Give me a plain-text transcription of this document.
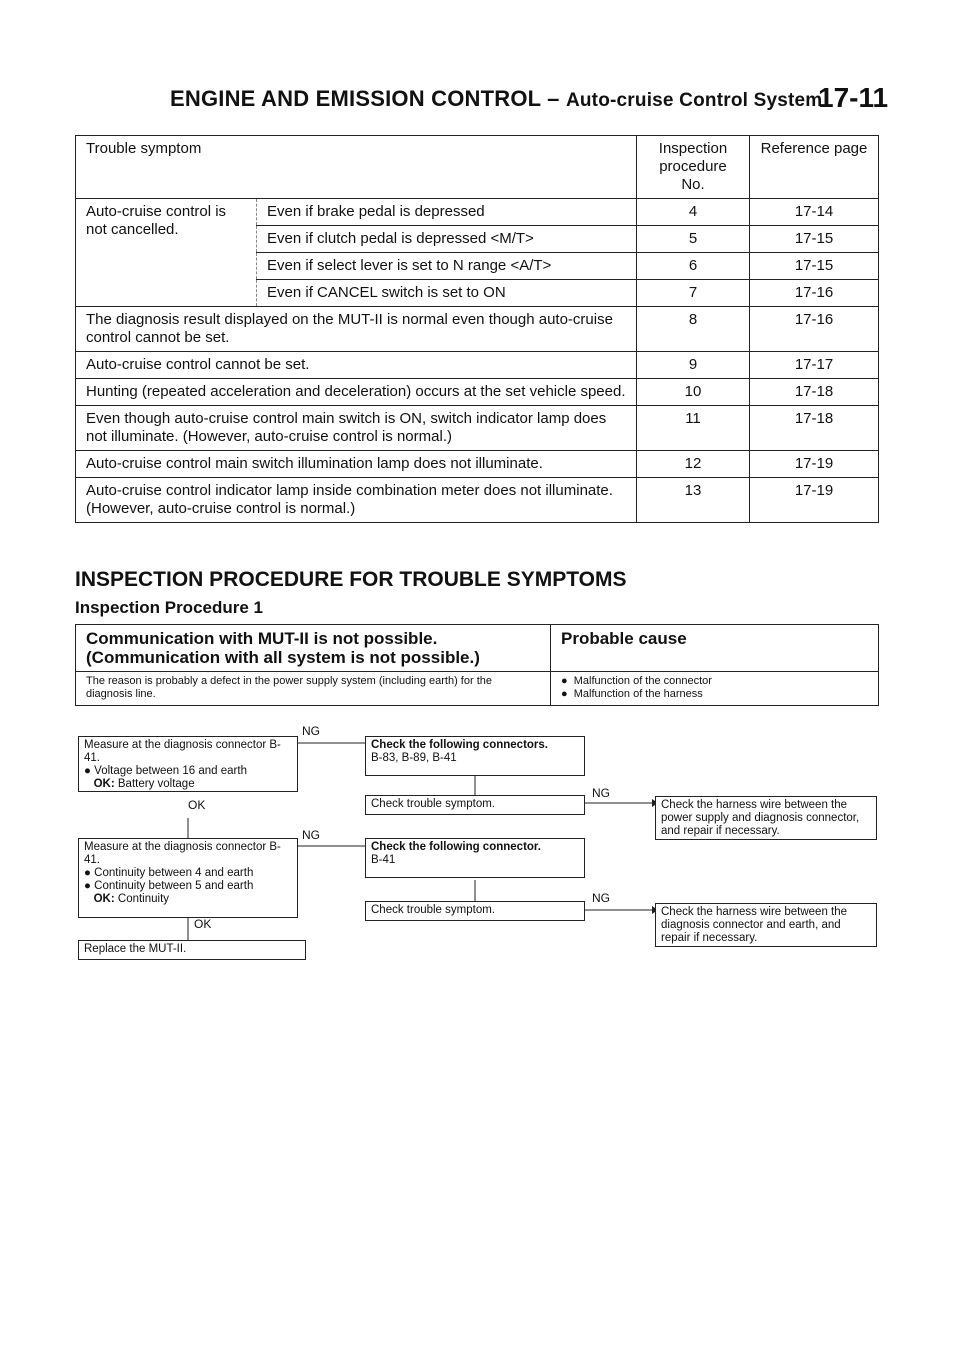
ENGINE AND EMISSION CONTROL – Auto-cruise Control System
17-11
Trouble symptom		Inspection procedure No.	Reference page
Auto-cruise control is not cancelled.	Even if brake pedal is depressed	4	17-14
	Even if clutch pedal is depressed <M/T>	5	17-15
	Even if select lever is set to N range <A/T>	6	17-15
	Even if CANCEL switch is set to ON	7	17-16
The diagnosis result displayed on the MUT-II is normal even though auto-cruise control cannot be set.		8	17-16
Auto-cruise control cannot be set.		9	17-17
Hunting (repeated acceleration and deceleration) occurs at the set vehicle speed.		10	17-18
Even though auto-cruise control main switch is ON, switch indicator lamp does not illuminate. (However, auto-cruise control is normal.)		11	17-18
Auto-cruise control main switch illumination lamp does not illuminate.		12	17-19
Auto-cruise control indicator lamp inside combination meter does not illuminate. (However, auto-cruise control is normal.)		13	17-19
INSPECTION PROCEDURE FOR TROUBLE SYMPTOMS
Inspection Procedure 1
Communication with MUT-II is not possible. (Communication with all system is not possible.)	Probable cause
The reason is probably a defect in the power supply system (including earth) for the diagnosis line.	●  Malfunction of the connector
●  Malfunction of the harness
Measure at the diagnosis connector B-41.
● Voltage between 16 and earth
OK: Battery voltage
NG
OK
Check the following connectors.
B-83, B-89, B-41
Check trouble symptom.
NG
Check the harness wire between the power supply and diagnosis connector, and repair if necessary.
Measure at the diagnosis connector B-41.
● Continuity between 4 and earth
● Continuity between 5 and earth
OK: Continuity
NG
OK
Check the following connector.
B-41
Check trouble symptom.
NG
Check the harness wire between the diagnosis connector and earth, and repair if necessary.
Replace the MUT-II.
